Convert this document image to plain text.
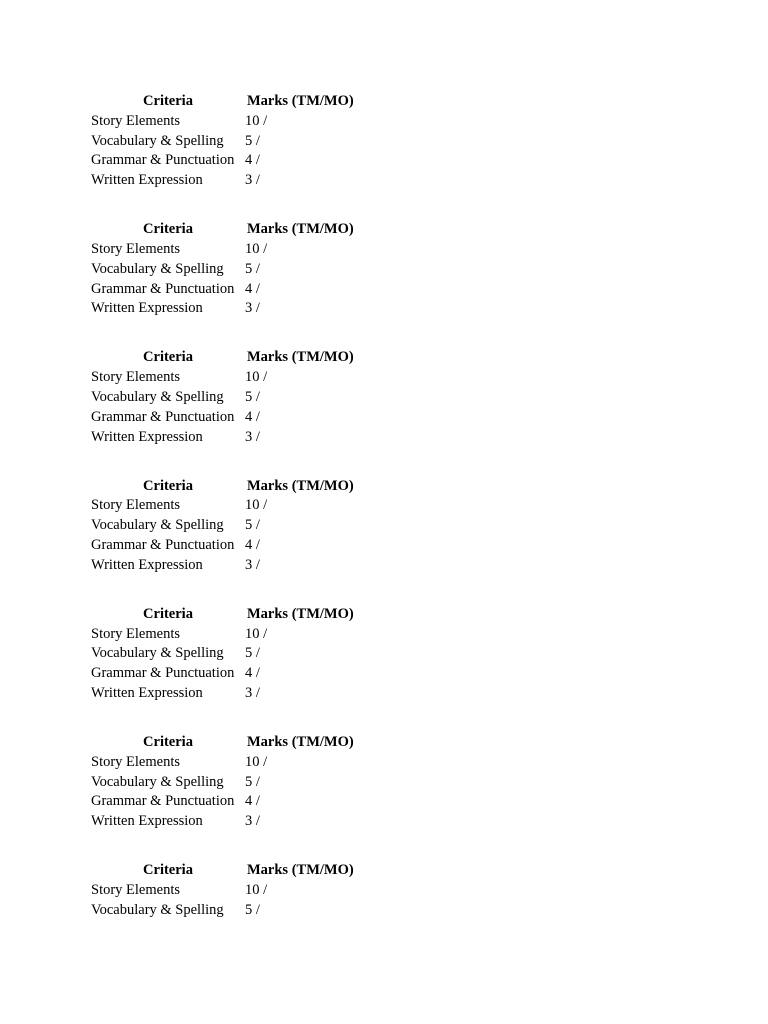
Criteria	Marks (TM/MO)
Story Elements	10 /
Vocabulary & Spelling	5 /
Grammar & Punctuation 4 /
Written Expression	3 /
Criteria	Marks (TM/MO)
Story Elements	10 /
Vocabulary & Spelling	5 /
Grammar & Punctuation 4 /
Written Expression	3 /
Criteria	Marks (TM/MO)
Story Elements	10 /
Vocabulary & Spelling	5 /
Grammar & Punctuation 4 /
Written Expression	3 /
Criteria	Marks (TM/MO)
Story Elements	10 /
Vocabulary & Spelling	5 /
Grammar & Punctuation 4 /
Written Expression	3 /
Criteria	Marks (TM/MO)
Story Elements	10 /
Vocabulary & Spelling	5 /
Grammar & Punctuation 4 /
Written Expression	3 /
Criteria	Marks (TM/MO)
Story Elements	10 /
Vocabulary & Spelling	5 /
Grammar & Punctuation 4 /
Written Expression	3 /
Criteria	Marks (TM/MO)
Story Elements	10 /
Vocabulary & Spelling	5 /
